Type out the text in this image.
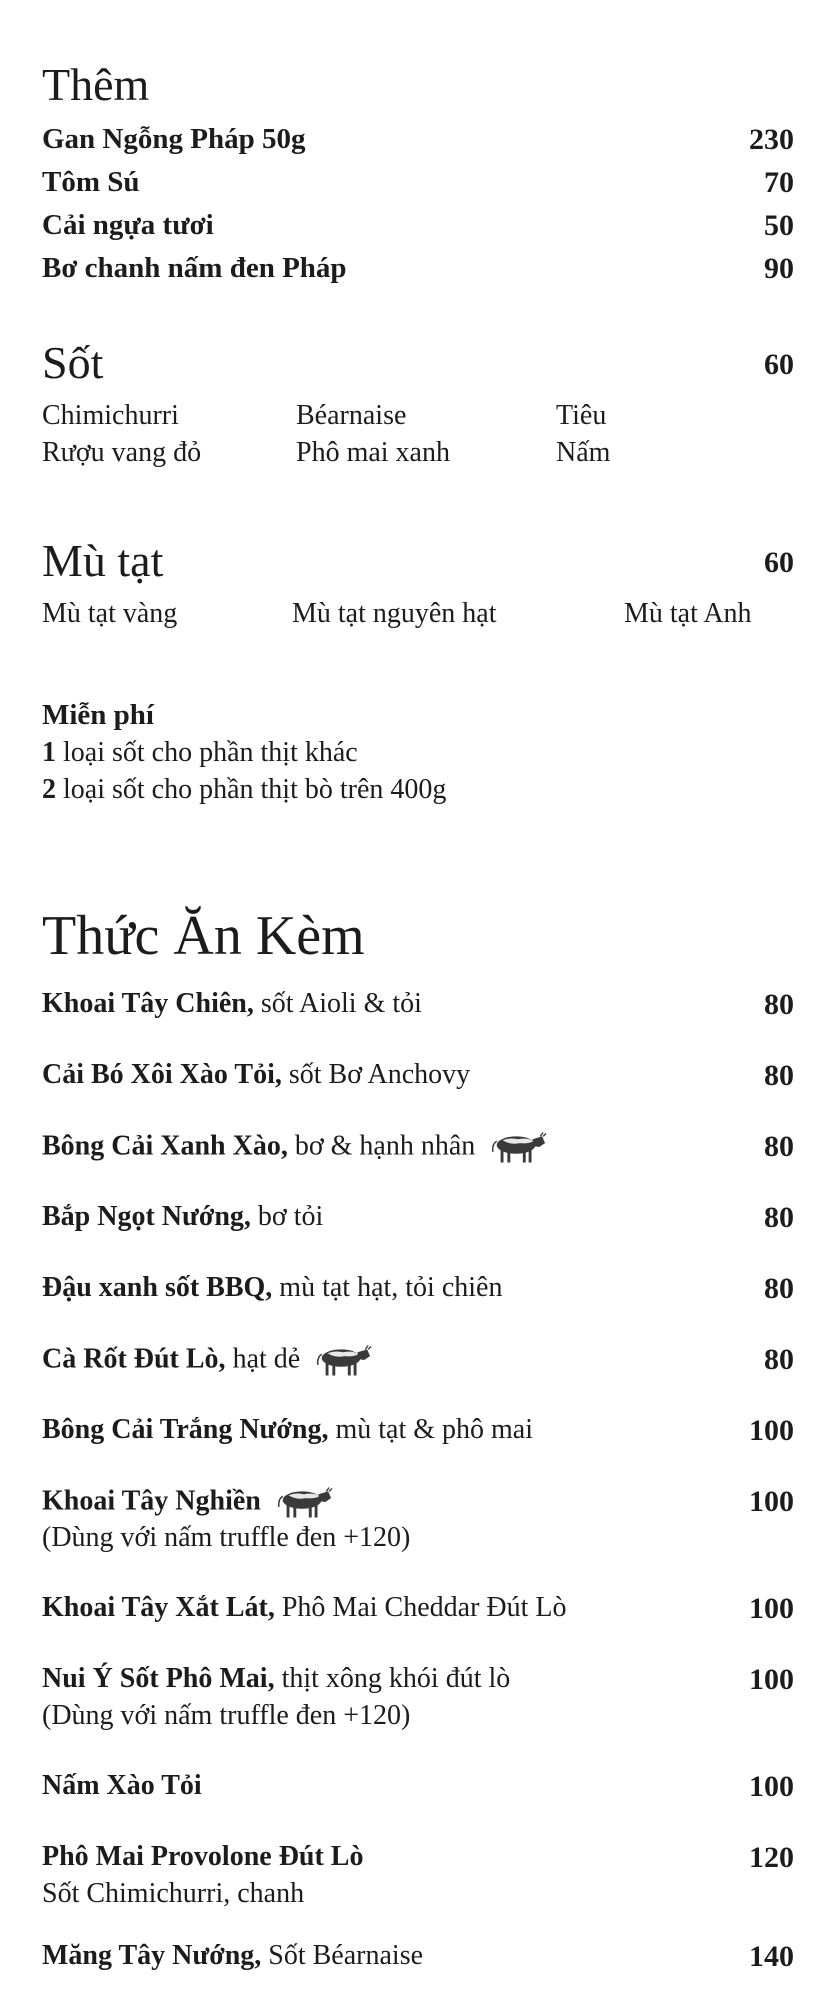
Thêm
Gan Ngỗng Pháp 50g	230
Tôm Sú	70
Cải ngựa tươi	50
Bơ chanh nấm đen Pháp	90
Sốt	60
Chimichurri	Béarnaise	Tiêu
Rượu vang đỏ	Phô mai xanh	Nấm
Mù tạt	60
Mù tạt vàng	Mù tạt nguyên hạt	Mù tạt Anh
Miễn phí
1 loại sốt cho phần thịt khác
2 loại sốt cho phần thịt bò trên 400g
Thức Ăn Kèm
Khoai Tây Chiên, sốt Aioli & tỏi	80
Cải Bó Xôi Xào Tỏi, sốt Bơ Anchovy	80
Bông Cải Xanh Xào, bơ & hạnh nhân	80
Bắp Ngọt Nướng, bơ tỏi	80
Đậu xanh sốt BBQ, mù tạt hạt, tỏi chiên	80
Cà Rốt Đút Lò, hạt dẻ	80
Bông Cải Trắng Nướng, mù tạt & phô mai	100
Khoai Tây Nghiền	100
(Dùng với nấm truffle đen +120)
Khoai Tây Xắt Lát, Phô Mai Cheddar Đút Lò	100
Nui Ý Sốt Phô Mai, thịt xông khói đút lò	100
(Dùng với nấm truffle đen +120)
Nấm Xào Tỏi	100
Phô Mai Provolone Đút Lò	120
Sốt Chimichurri, chanh
Măng Tây Nướng, Sốt Béarnaise	140
